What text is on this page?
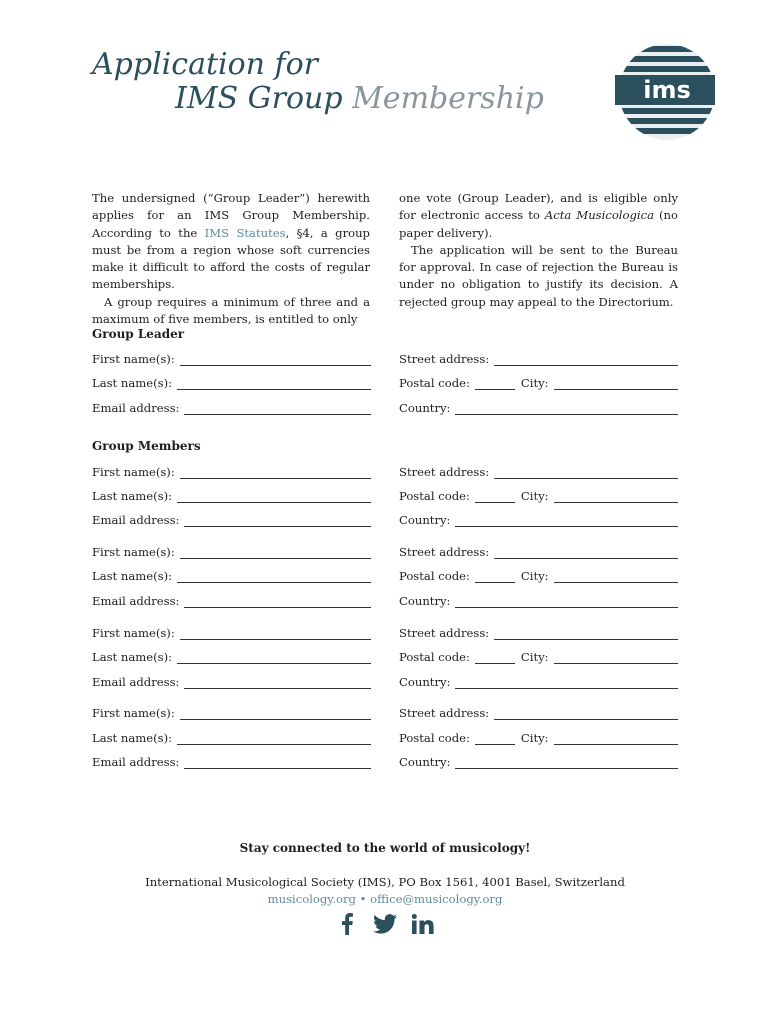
Application for
IMS Group Membership	ims

The undersigned (“Group Leader”) herewith applies for an IMS Group Membership. According to the IMS Statutes, §4, a group must be from a region whose soft currencies make it difficult to afford the costs of regular memberships.

A group requires a minimum of three and a maximum of five members, is entitled to only

one vote (Group Leader), and is eligible only for electronic access to Acta Musicologica (no paper delivery).

The application will be sent to the Bureau for approval. In case of rejection the Bureau is under no obligation to justify its decision. A rejected group may appeal to the Directorium.

Group Leader
First name(s):	Street address:
Last name(s):	Postal code:	City:
Email address:	Country:
Group Members
First name(s):	Street address:
Last name(s):	Postal code:	City:
Email address:	Country:
First name(s):	Street address:
Last name(s):	Postal code:	City:
Email address:	Country:
First name(s):	Street address:
Last name(s):	Postal code:	City:
Email address:	Country:
First name(s):	Street address:
Last name(s):	Postal code:	City:
Email address:	Country:
Stay connected to the world of musicology!
International Musicological Society (IMS), PO Box 1561, 4001 Basel, Switzerland
musicology.org • office@musicology.org
